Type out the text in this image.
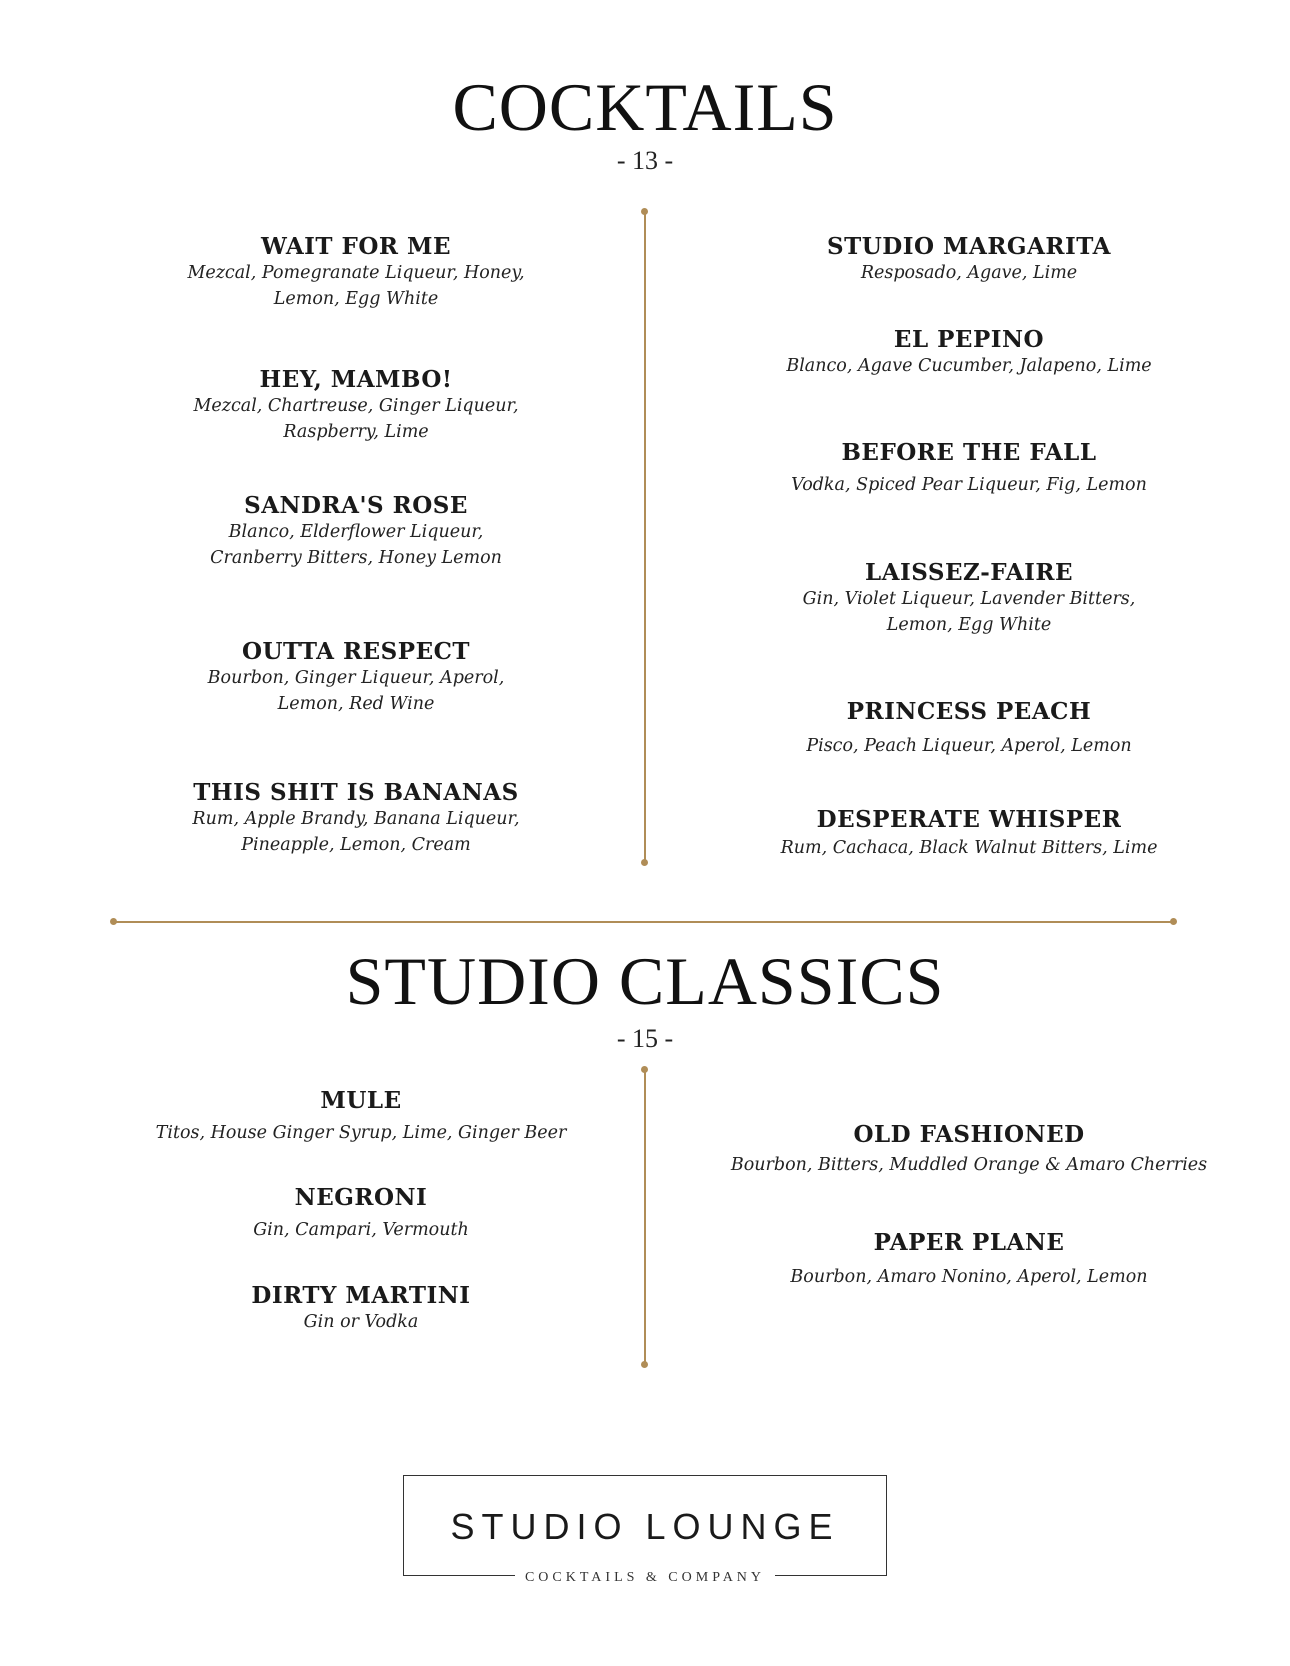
COCKTAILS
- 13 -
WAIT FOR ME
Mezcal, Pomegranate Liqueur, Honey,
Lemon, Egg White
HEY, MAMBO!
Mezcal, Chartreuse, Ginger Liqueur,
Raspberry, Lime
SANDRA'S ROSE
Blanco, Elderflower Liqueur,
Cranberry Bitters, Honey Lemon
OUTTA RESPECT
Bourbon, Ginger Liqueur, Aperol,
Lemon, Red Wine
THIS SHIT IS BANANAS
Rum, Apple Brandy, Banana Liqueur,
Pineapple, Lemon, Cream
STUDIO MARGARITA
Resposado, Agave, Lime
EL PEPINO
Blanco, Agave Cucumber, Jalapeno, Lime
BEFORE THE FALL
Vodka, Spiced Pear Liqueur, Fig, Lemon
LAISSEZ-FAIRE
Gin, Violet Liqueur, Lavender Bitters,
Lemon, Egg White
PRINCESS PEACH
Pisco, Peach Liqueur, Aperol, Lemon
DESPERATE WHISPER
Rum, Cachaca, Black Walnut Bitters, Lime
STUDIO CLASSICS
- 15 -
MULE
Titos, House Ginger Syrup, Lime, Ginger Beer
NEGRONI
Gin, Campari, Vermouth
DIRTY MARTINI
Gin or Vodka
OLD FASHIONED
Bourbon, Bitters, Muddled Orange & Amaro Cherries
PAPER PLANE
Bourbon, Amaro Nonino, Aperol, Lemon
STUDIO LOUNGE
COCKTAILS & COMPANY
